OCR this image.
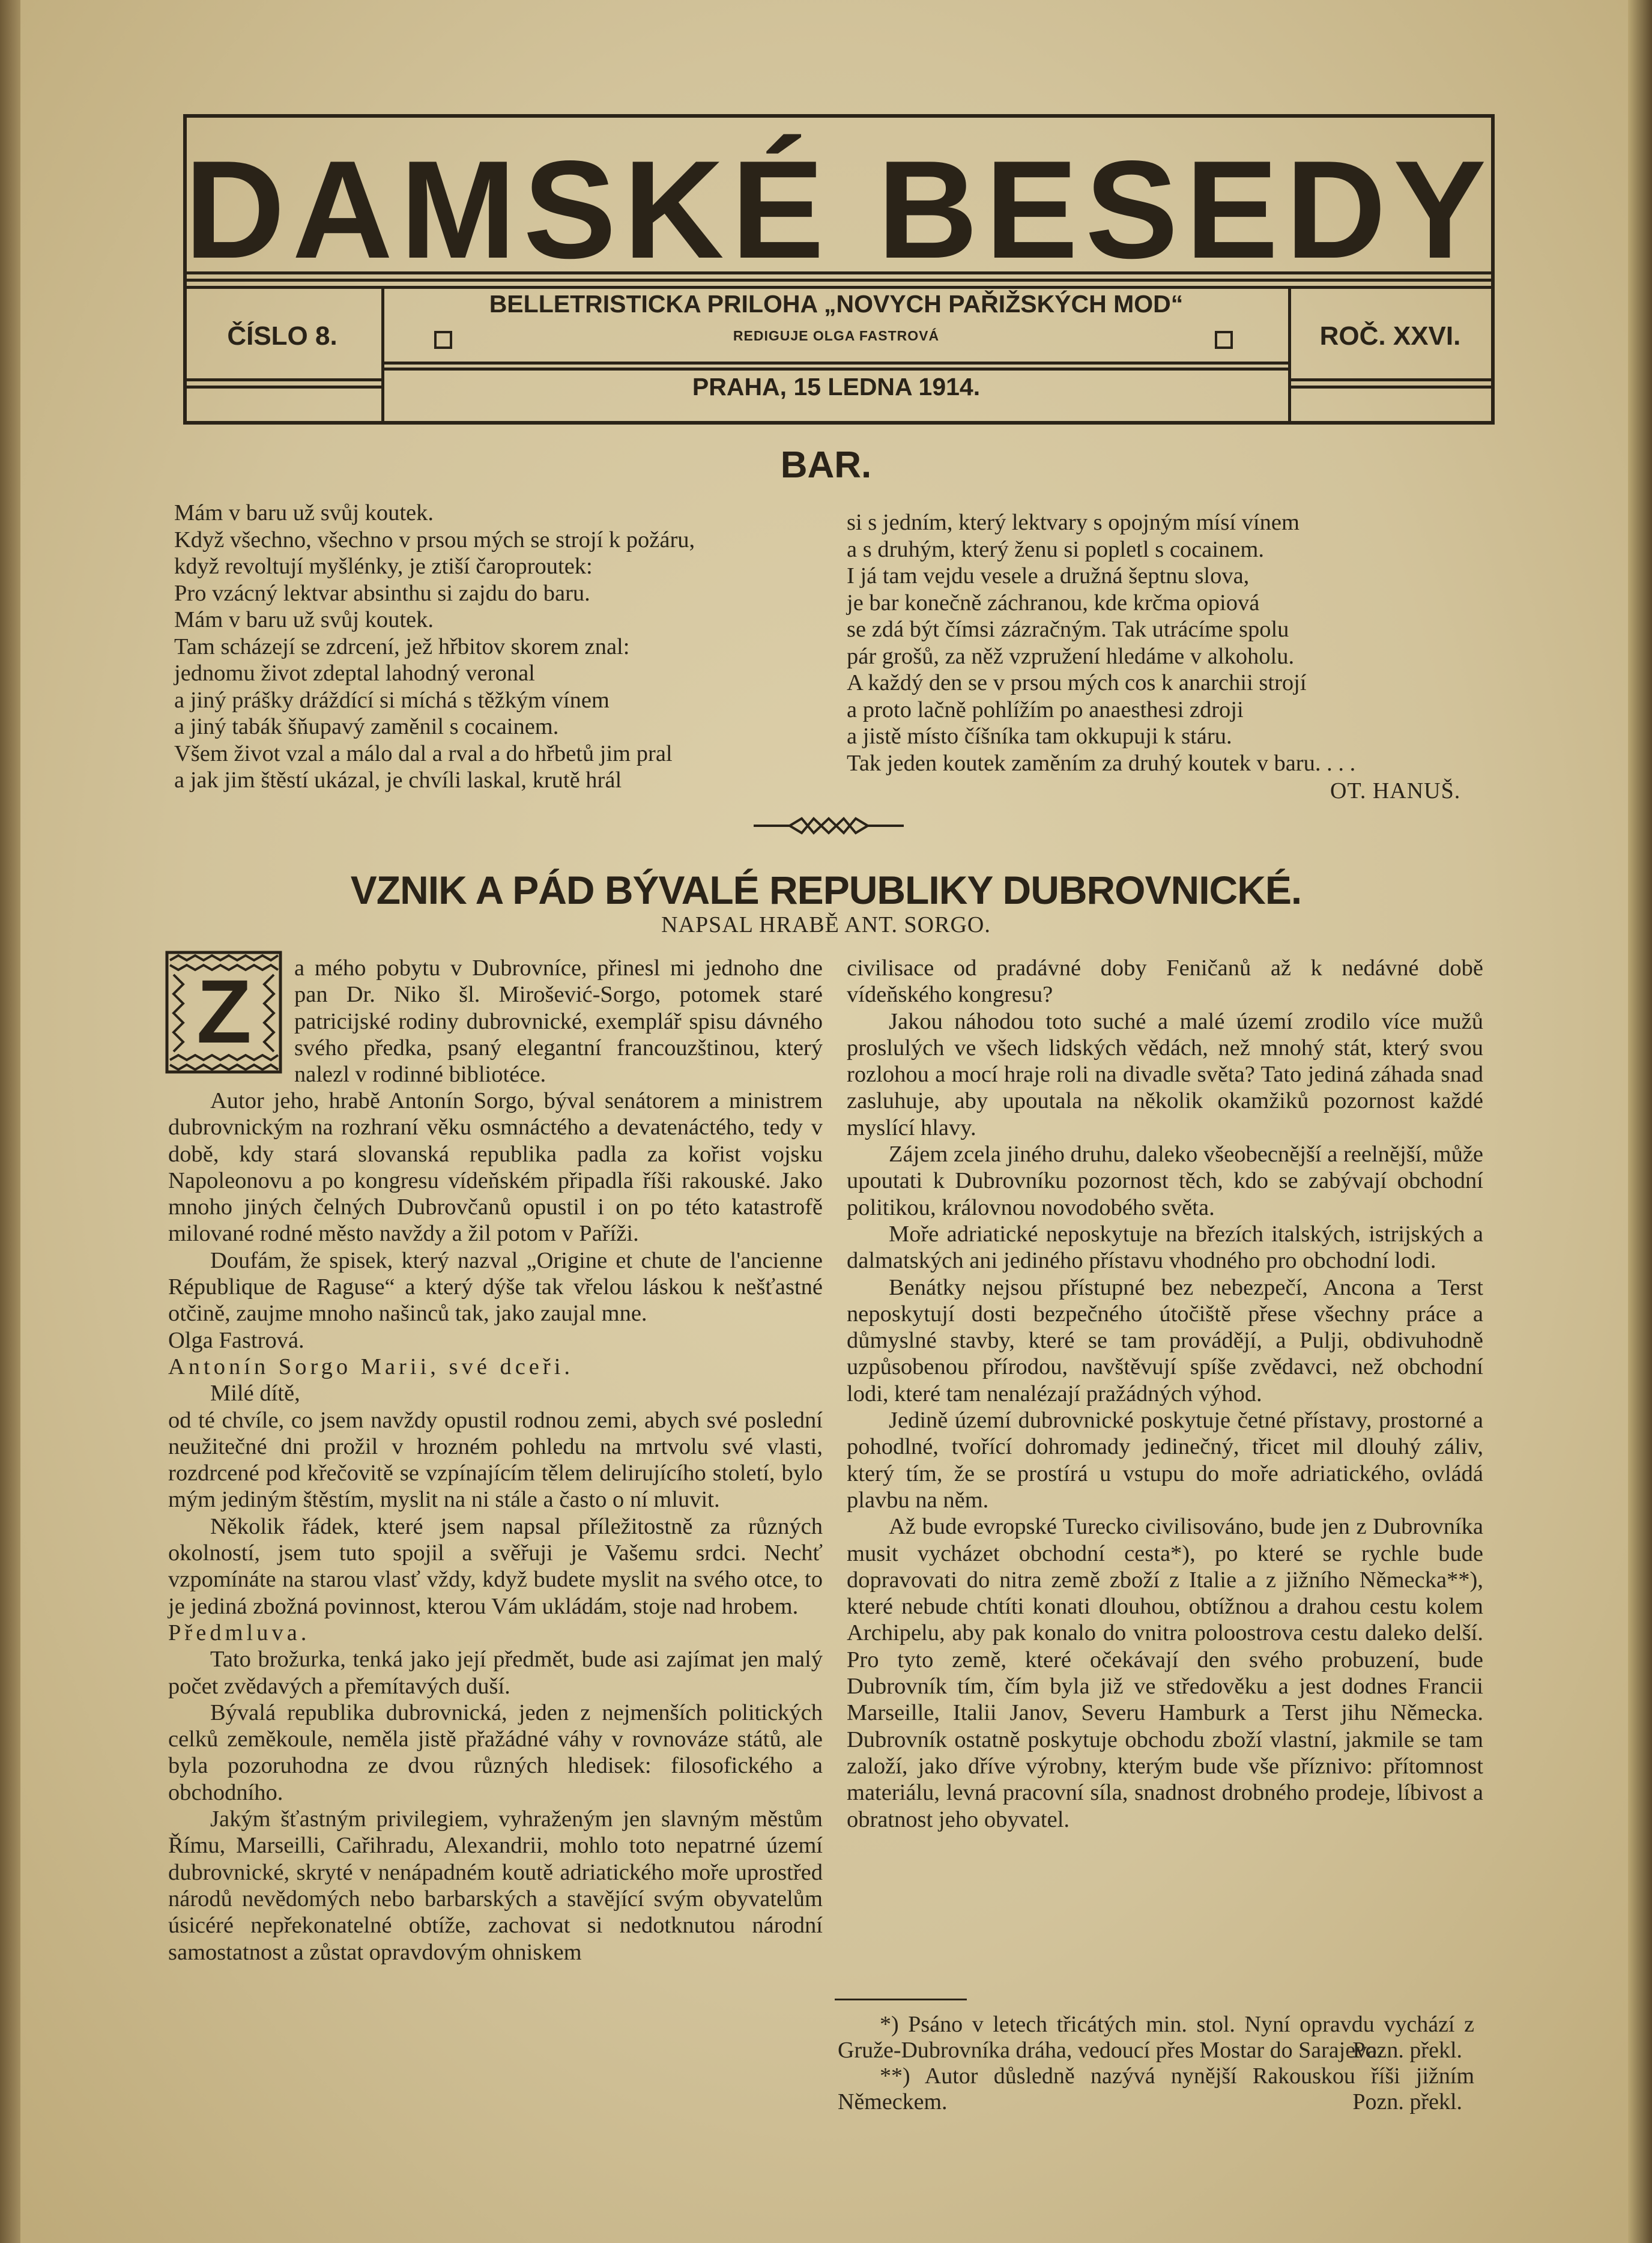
DAMSKÉ BESEDY
ČÍSLO 8.	ROČ. XXVI.
BELLETRISTICKA PRILOHA „NOVYCH PAŘIŽSKÝCH MOD“
REDIGUJE OLGA FASTROVÁ
PRAHA, 15 LEDNA 1914.
BAR.
Mám v baru už svůj koutek.
Když všechno, všechno v prsou mých se strojí k požáru,
když revoltují myšlénky, je ztiší čaroproutek:
Pro vzácný lektvar absinthu si zajdu do baru.
Mám v baru už svůj koutek.
Tam scházejí se zdrcení, jež hřbitov skorem znal:
jednomu život zdeptal lahodný veronal
a jiný prášky dráždící si míchá s těžkým vínem
a jiný tabák šňupavý zaměnil s cocainem.
Všem život vzal a málo dal a rval a do hřbetů jim pral
a jak jim štěstí ukázal, je chvíli laskal, krutě hrál
si s jedním, který lektvary s opojným mísí vínem
a s druhým, který ženu si popletl s cocainem.
I já tam vejdu vesele a družná šeptnu slova,
je bar konečně záchranou, kde krčma opiová
se zdá být čímsi zázračným. Tak utrácíme spolu
pár grošů, za něž vzpružení hledáme v alkoholu.
A každý den se v prsou mých cos k anarchii strojí
a proto lačně pohlížím po anaesthesi zdroji
a jistě místo číšníka tam okkupuji k stáru.
Tak jeden koutek zaměním za druhý koutek v baru. . . .
OT. HANUŠ.
VZNIK A PÁD BÝVALÉ REPUBLIKY DUBROVNICKÉ.
NAPSAL HRABĚ ANT. SORGO.
Z	a mého pobytu v Dubrovníce, přinesl mi jednoho dne pan Dr. Niko šl. Mirošević-Sorgo, potomek staré patricijské rodiny dubrovnické, exemplář spisu dávného svého předka, psaný elegantní francouzštinou, který nalezl v rodinné bibliotéce.

Autor jeho, hrabě Antonín Sorgo, býval senátorem a ministrem dubrovnickým na rozhraní věku osmnáctého a devatenáctého, tedy v době, kdy stará slovanská republika padla za kořist vojsku Napoleonovu a po kongresu vídeňském připadla říši rakouské. Jako mnoho jiných čelných Dubrovčanů opustil i on po této katastrofě milované rodné město navždy a žil potom v Paříži.

Doufám, že spisek, který nazval „Origine et chute de l'ancienne République de Raguse“ a který dýše tak vřelou láskou k nešťastné otčině, zaujme mnoho našinců tak, jako zaujal mne.

Olga Fastrová.

Antonín Sorgo Marii, své dceři.

Milé dítě,

od té chvíle, co jsem navždy opustil rodnou zemi, abych své poslední neužitečné dni prožil v hrozném pohledu na mrtvolu své vlasti, rozdrcené pod křečovitě se vzpínajícím tělem delirujícího století, bylo mým jediným štěstím, myslit na ni stále a často o ní mluvit.

Několik řádek, které jsem napsal příležitostně za různých okolností, jsem tuto spojil a svěřuji je Vašemu srdci. Nechť vzpomínáte na starou vlasť vždy, když budete myslit na svého otce, to je jediná zbožná povinnost, kterou Vám ukládám, stoje nad hrobem.

Předmluva.

Tato brožurka, tenká jako její předmět, bude asi zajímat jen malý počet zvědavých a přemítavých duší.

Bývalá republika dubrovnická, jeden z nejmenších politických celků zeměkoule, neměla jistě přažádné váhy v rovnováze států, ale byla pozoruhodna ze dvou různých hledisek: filosofického a obchodního.

Jakým šťastným privilegiem, vyhraženým jen slavným městům Římu, Marseilli, Cařihradu, Alexandrii, mohlo toto nepatrné území dubrovnické, skryté v nenápadném koutě adriatického moře uprostřed národů nevědomých nebo barbarských a stavějící svým obyvatelům úsicéré nepřekonatelné obtíže, zachovat si nedotknutou národní samostatnost a zůstat opravdovým ohniskem

civilisace od pradávné doby Feničanů až k nedávné době vídeňského kongresu?

Jakou náhodou toto suché a malé území zrodilo více mužů proslulých ve všech lidských vědách, než mnohý stát, který svou rozlohou a mocí hraje roli na divadle světa? Tato jediná záhada snad zasluhuje, aby upoutala na několik okamžiků pozornost každé myslící hlavy.

Zájem zcela jiného druhu, daleko všeobecnější a reelnější, může upoutati k Dubrovníku pozornost těch, kdo se zabývají obchodní politikou, královnou novodobého světa.

Moře adriatické neposkytuje na březích italských, istrijských a dalmatských ani jediného přístavu vhodného pro obchodní lodi.

Benátky nejsou přístupné bez nebezpečí, Ancona a Terst neposkytují dosti bezpečného útočiště přese všechny práce a důmyslné stavby, které se tam provádějí, a Pulji, obdivuhodně uzpůsobenou přírodou, navštěvují spíše zvědavci, než obchodní lodi, které tam nenalézají pražádných výhod.

Jedině území dubrovnické poskytuje četné přístavy, prostorné a pohodlné, tvořící dohromady jedinečný, třicet mil dlouhý záliv, který tím, že se prostírá u vstupu do moře adriatického, ovládá plavbu na něm.

Až bude evropské Turecko civilisováno, bude jen z Dubrovníka musit vycházet obchodní cesta*), po které se rychle bude dopravovati do nitra země zboží z Italie a z jižního Německa**), které nebude chtíti konati dlouhou, obtížnou a drahou cestu kolem Archipelu, aby pak konalo do vnitra poloostrova cestu daleko delší. Pro tyto země, které očekávají den svého probuzení, bude Dubrovník tím, čím byla již ve středověku a jest dodnes Francii Marseille, Italii Janov, Severu Hamburk a Terst jihu Německa. Dubrovník ostatně poskytuje obchodu zboží vlastní, jakmile se tam založí, jako dříve výrobny, kterým bude vše příznivo: přítomnost materiálu, levná pracovní síla, snadnost drobného prodeje, líbivost a obratnost jeho obyvatel.

*) Psáno v letech třicátých min. stol. Nyní opravdu vychází z Gruže-Dubrovníka dráha, vedoucí přes Mostar do Sarajeva.

Pozn. překl.

**) Autor důsledně nazývá nynější Rakouskou říši jižním Německem.	Pozn. překl.
